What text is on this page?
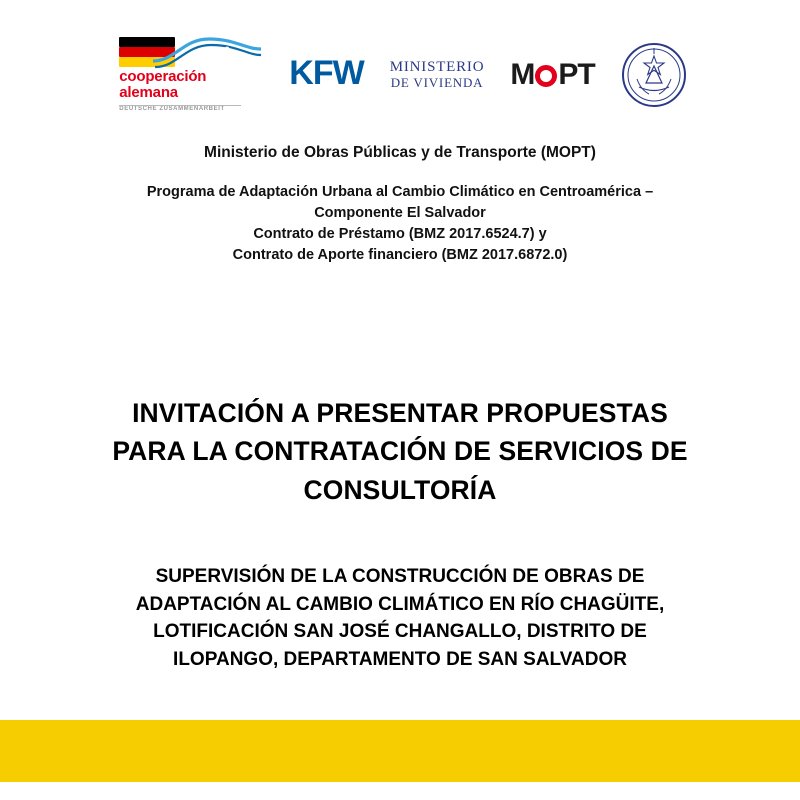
cooperación
alemana
DEUTSCHE ZUSAMMENARBEIT
KFW MINISTERIO
DE VIVIENDA M PT
Ministerio de Obras Públicas y de Transporte (MOPT)
Programa de Adaptación Urbana al Cambio Climático en Centroamérica –
Componente El Salvador
Contrato de Préstamo (BMZ 2017.6524.7) y
Contrato de Aporte financiero (BMZ 2017.6872.0)
INVITACIÓN A PRESENTAR PROPUESTAS
PARA LA CONTRATACIÓN DE SERVICIOS DE
CONSULTORÍA
SUPERVISIÓN DE LA CONSTRUCCIÓN DE OBRAS DE
ADAPTACIÓN AL CAMBIO CLIMÁTICO EN RÍO CHAGÜITE,
LOTIFICACIÓN SAN JOSÉ CHANGALLO, DISTRITO DE
ILOPANGO, DEPARTAMENTO DE SAN SALVADOR
